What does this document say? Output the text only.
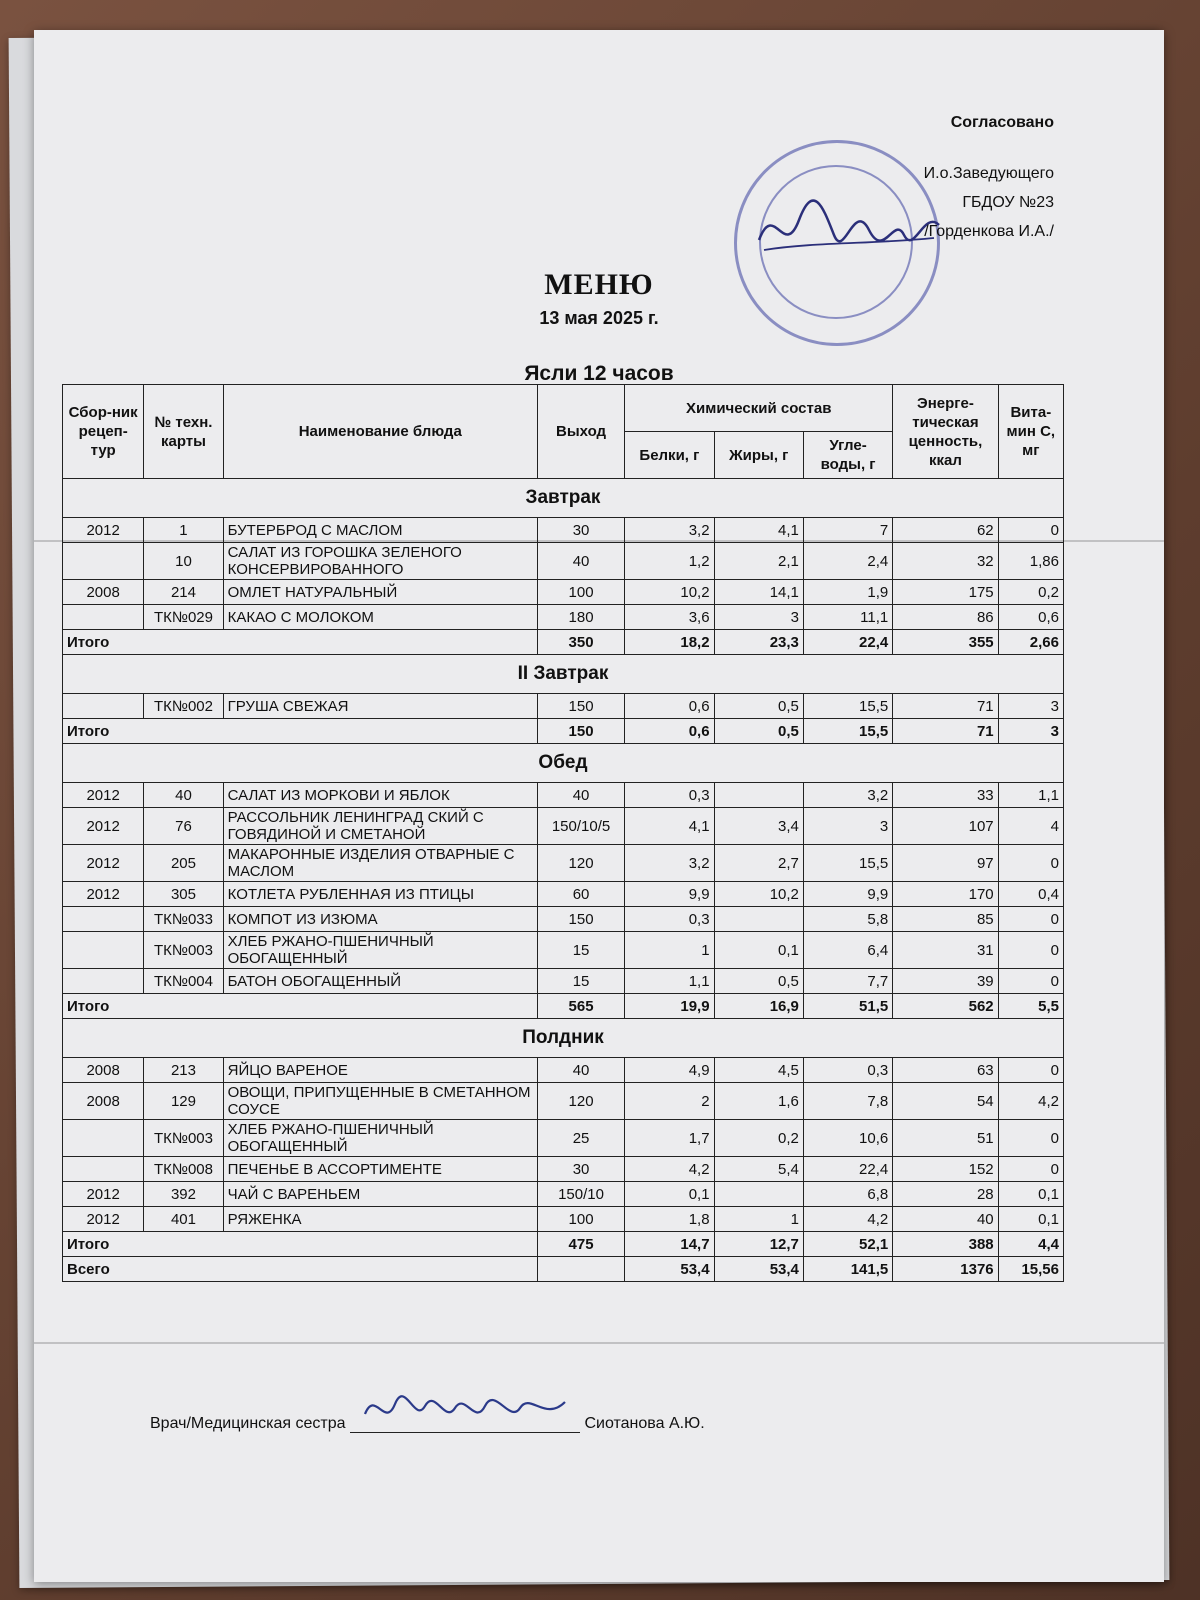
Согласовано
И.о.Заведующего
ГБДОУ №23
/Горденкова И.А./
МЕНЮ
13 мая 2025 г.
Ясли 12 часов
Сбор-ник рецеп-тур	№ техн. карты	Наименование блюда	Выход	Химический состав			Энерге-тическая ценность, ккал	Вита-мин С, мг
				Белки, г	Жиры, г	Угле-воды, г		
Завтрак								
2012	1	БУТЕРБРОД С МАСЛОМ	30	3,2	4,1	7	62	0
	10	САЛАТ ИЗ ГОРОШКА ЗЕЛЕНОГО КОНСЕРВИРОВАННОГО	40	1,2	2,1	2,4	32	1,86
2008	214	ОМЛЕТ НАТУРАЛЬНЫЙ	100	10,2	14,1	1,9	175	0,2
	ТК№029	КАКАО С МОЛОКОМ	180	3,6	3	11,1	86	0,6
Итого			350	18,2	23,3	22,4	355	2,66
II Завтрак								
	ТК№002	ГРУША СВЕЖАЯ	150	0,6	0,5	15,5	71	3
Итого			150	0,6	0,5	15,5	71	3
Обед								
2012	40	САЛАТ ИЗ МОРКОВИ И ЯБЛОК	40	0,3		3,2	33	1,1
2012	76	РАССОЛЬНИК ЛЕНИНГРАД СКИЙ С ГОВЯДИНОЙ И СМЕТАНОЙ	150/10/5	4,1	3,4	3	107	4
2012	205	МАКАРОННЫЕ ИЗДЕЛИЯ ОТВАРНЫЕ С МАСЛОМ	120	3,2	2,7	15,5	97	0
2012	305	КОТЛЕТА РУБЛЕННАЯ ИЗ ПТИЦЫ	60	9,9	10,2	9,9	170	0,4
	ТК№033	КОМПОТ ИЗ ИЗЮМА	150	0,3		5,8	85	0
	ТК№003	ХЛЕБ РЖАНО-ПШЕНИЧНЫЙ ОБОГАЩЕННЫЙ	15	1	0,1	6,4	31	0
	ТК№004	БАТОН ОБОГАЩЕННЫЙ	15	1,1	0,5	7,7	39	0
Итого			565	19,9	16,9	51,5	562	5,5
Полдник								
2008	213	ЯЙЦО ВАРЕНОЕ	40	4,9	4,5	0,3	63	0
2008	129	ОВОЩИ, ПРИПУЩЕННЫЕ В СМЕТАННОМ СОУСЕ	120	2	1,6	7,8	54	4,2
	ТК№003	ХЛЕБ РЖАНО-ПШЕНИЧНЫЙ ОБОГАЩЕННЫЙ	25	1,7	0,2	10,6	51	0
	ТК№008	ПЕЧЕНЬЕ В АССОРТИМЕНТЕ	30	4,2	5,4	22,4	152	0
2012	392	ЧАЙ С ВАРЕНЬЕМ	150/10	0,1		6,8	28	0,1
2012	401	РЯЖЕНКА	100	1,8	1	4,2	40	0,1
Итого			475	14,7	12,7	52,1	388	4,4
Всего				53,4	53,4	141,5	1376	15,56
Врач/Медицинская сестра	Сиотанова А.Ю.
